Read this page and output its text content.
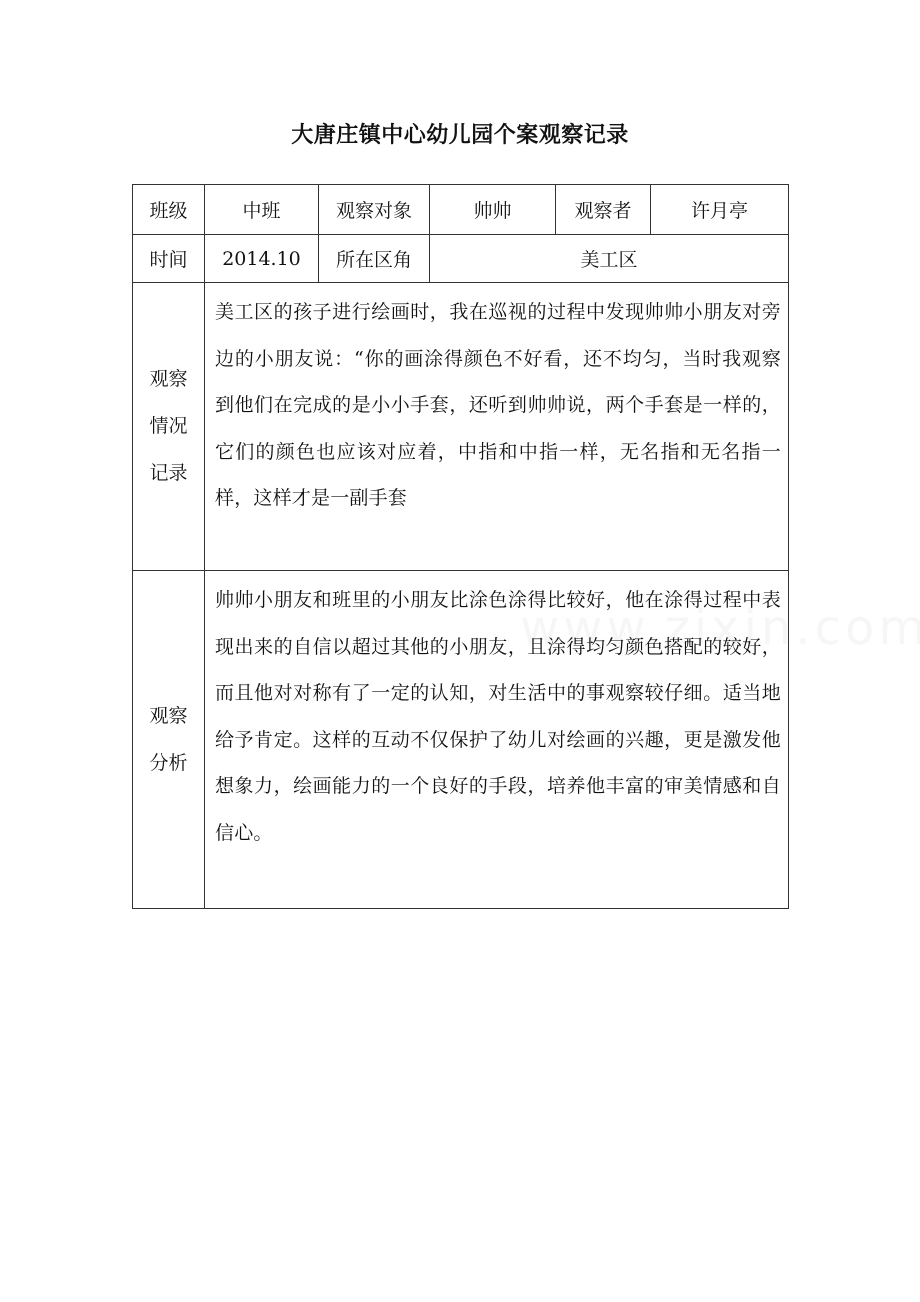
大唐庄镇中心幼儿园个案观察记录
班级	中班	观察对象	帅帅	观察者	许月亭
时间	2014.10	所在区角	美工区		

观察
情况
记录	美工区的孩子进行绘画时，我在巡视的过程中发现帅帅小朋友对旁边的小朋友说：“你的画涂得颜色不好看，还不均匀，当时我观察到他们在完成的是小小手套，还听到帅帅说，两个手套是一样的，它们的颜色也应该对应着，中指和中指一样，无名指和无名指一样，这样才是一副手套				

观察
分析	帅帅小朋友和班里的小朋友比涂色涂得比较好，他在涂得过程中表现出来的自信以超过其他的小朋友，且涂得均匀颜色搭配的较好，而且他对对称有了一定的认知，对生活中的事观察较仔细。适当地给予肯定。这样的互动不仅保护了幼儿对绘画的兴趣，更是激发他想象力，绘画能力的一个良好的手段，培养他丰富的审美情感和自信心。				
